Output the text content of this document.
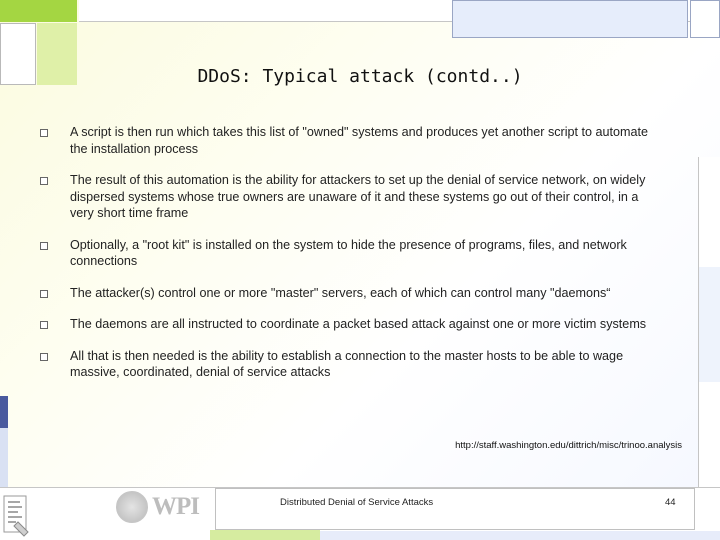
DDoS: Typical attack (contd..)
A script is then run which takes this list of "owned" systems and produces yet another script to automate the installation process
The result of this automation is the ability for attackers to set up the denial of service network, on widely dispersed systems whose true owners are unaware of it and these systems go out of their control, in a very short time frame
Optionally, a "root kit" is installed on the system to hide the presence of programs, files, and network connections
The attacker(s) control one or more "master" servers, each of which can control many "daemons“
The daemons are all instructed to coordinate a packet based attack against one or more victim systems
All that is then needed is the ability to establish a connection to the master hosts to be able to wage massive, coordinated, denial of service attacks
http://staff.washington.edu/dittrich/misc/trinoo.analysis
WPI	Distributed Denial of Service Attacks	44
